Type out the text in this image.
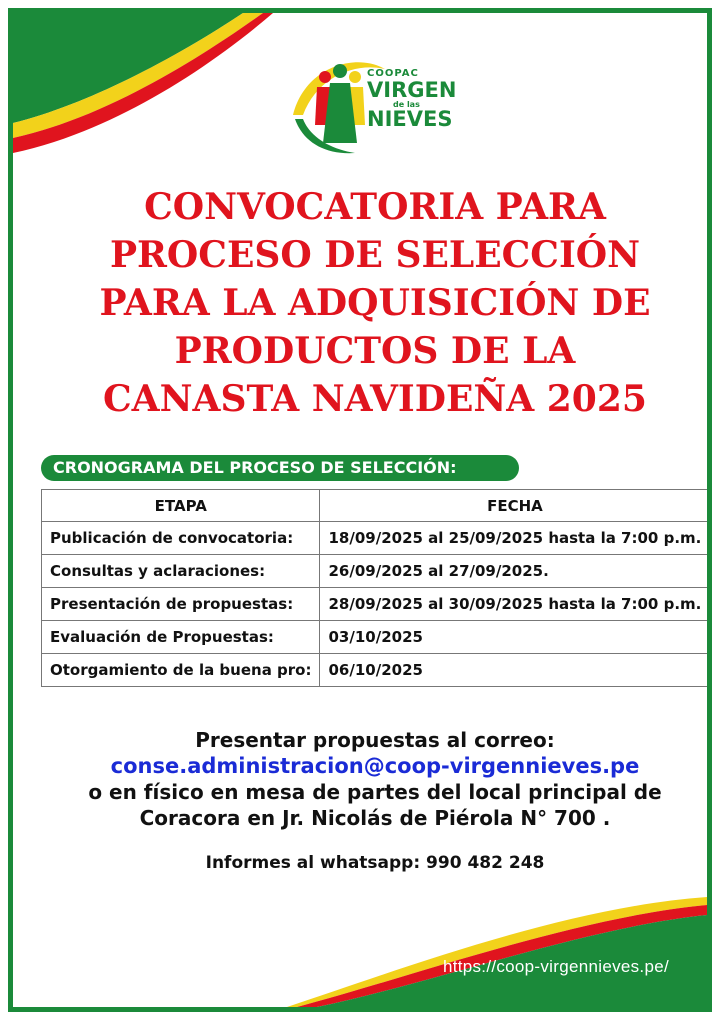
COOPAC
VIRGEN
de las
NIEVES
CONVOCATORIA PARA
PROCESO DE SELECCIÓN
PARA LA ADQUISICIÓN DE
PRODUCTOS DE LA
CANASTA NAVIDEÑA 2025
CRONOGRAMA DEL PROCESO DE SELECCIÓN:
ETAPA	FECHA
Publicación de convocatoria:	18/09/2025 al 25/09/2025 hasta la 7:00 p.m.
Consultas y aclaraciones:	26/09/2025 al 27/09/2025.
Presentación de propuestas:	28/09/2025 al 30/09/2025 hasta la 7:00 p.m.
Evaluación de Propuestas:	03/10/2025
Otorgamiento de la buena pro:	06/10/2025
Presentar propuestas al correo:
conse.administracion@coop-virgennieves.pe
o en físico en mesa de partes del local principal de
Coracora en Jr. Nicolás de Piérola N° 700 .
Informes al whatsapp: 990 482 248
https://coop-virgennieves.pe/
